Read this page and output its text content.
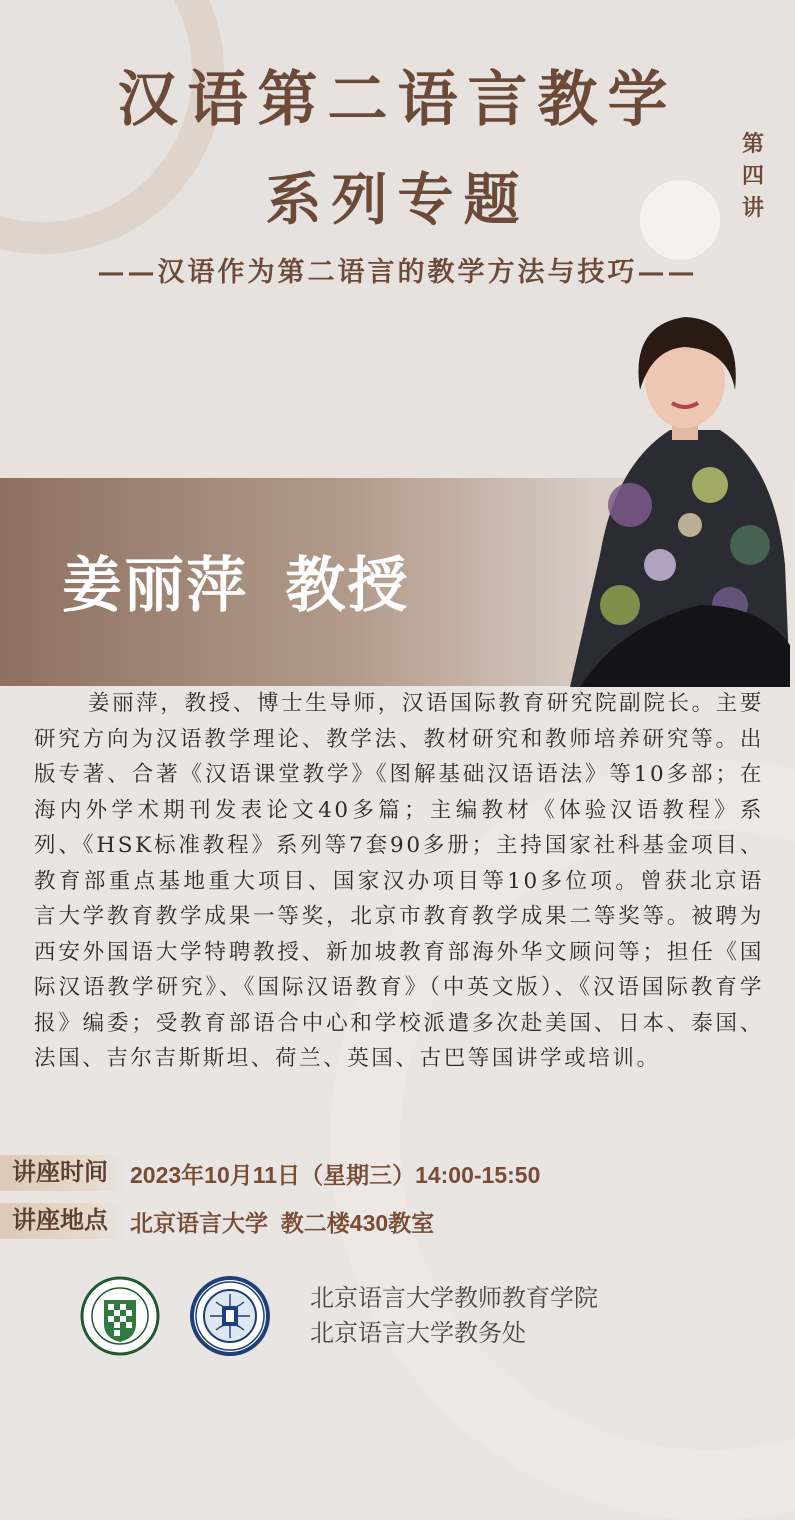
汉语第二语言教学
系列专题
——汉语作为第二语言的教学方法与技巧——
第
四
讲
姜丽萍  教授
姜丽萍，教授、博士生导师，汉语国际教育研究院副院长。主要研究方向为汉语教学理论、教学法、教材研究和教师培养研究等。出版专著、合著《汉语课堂教学》《图解基础汉语语法》等10多部；在海内外学术期刊发表论文40多篇；主编教材《体验汉语教程》系列、《HSK标准教程》系列等7套90多册；主持国家社科基金项目、教育部重点基地重大项目、国家汉办项目等10多位项。曾获北京语言大学教育教学成果一等奖，北京市教育教学成果二等奖等。被聘为西安外国语大学特聘教授、新加坡教育部海外华文顾问等；担任《国际汉语教学研究》、《国际汉语教育》（中英文版）、《汉语国际教育学报》编委；受教育部语合中心和学校派遣多次赴美国、日本、泰国、法国、吉尔吉斯斯坦、荷兰、英国、古巴等国讲学或培训。
讲座时间 2023年10月11日（星期三）14:00-15:50
讲座地点 北京语言大学  教二楼430教室
北京语言大学教师教育学院
北京语言大学教务处
